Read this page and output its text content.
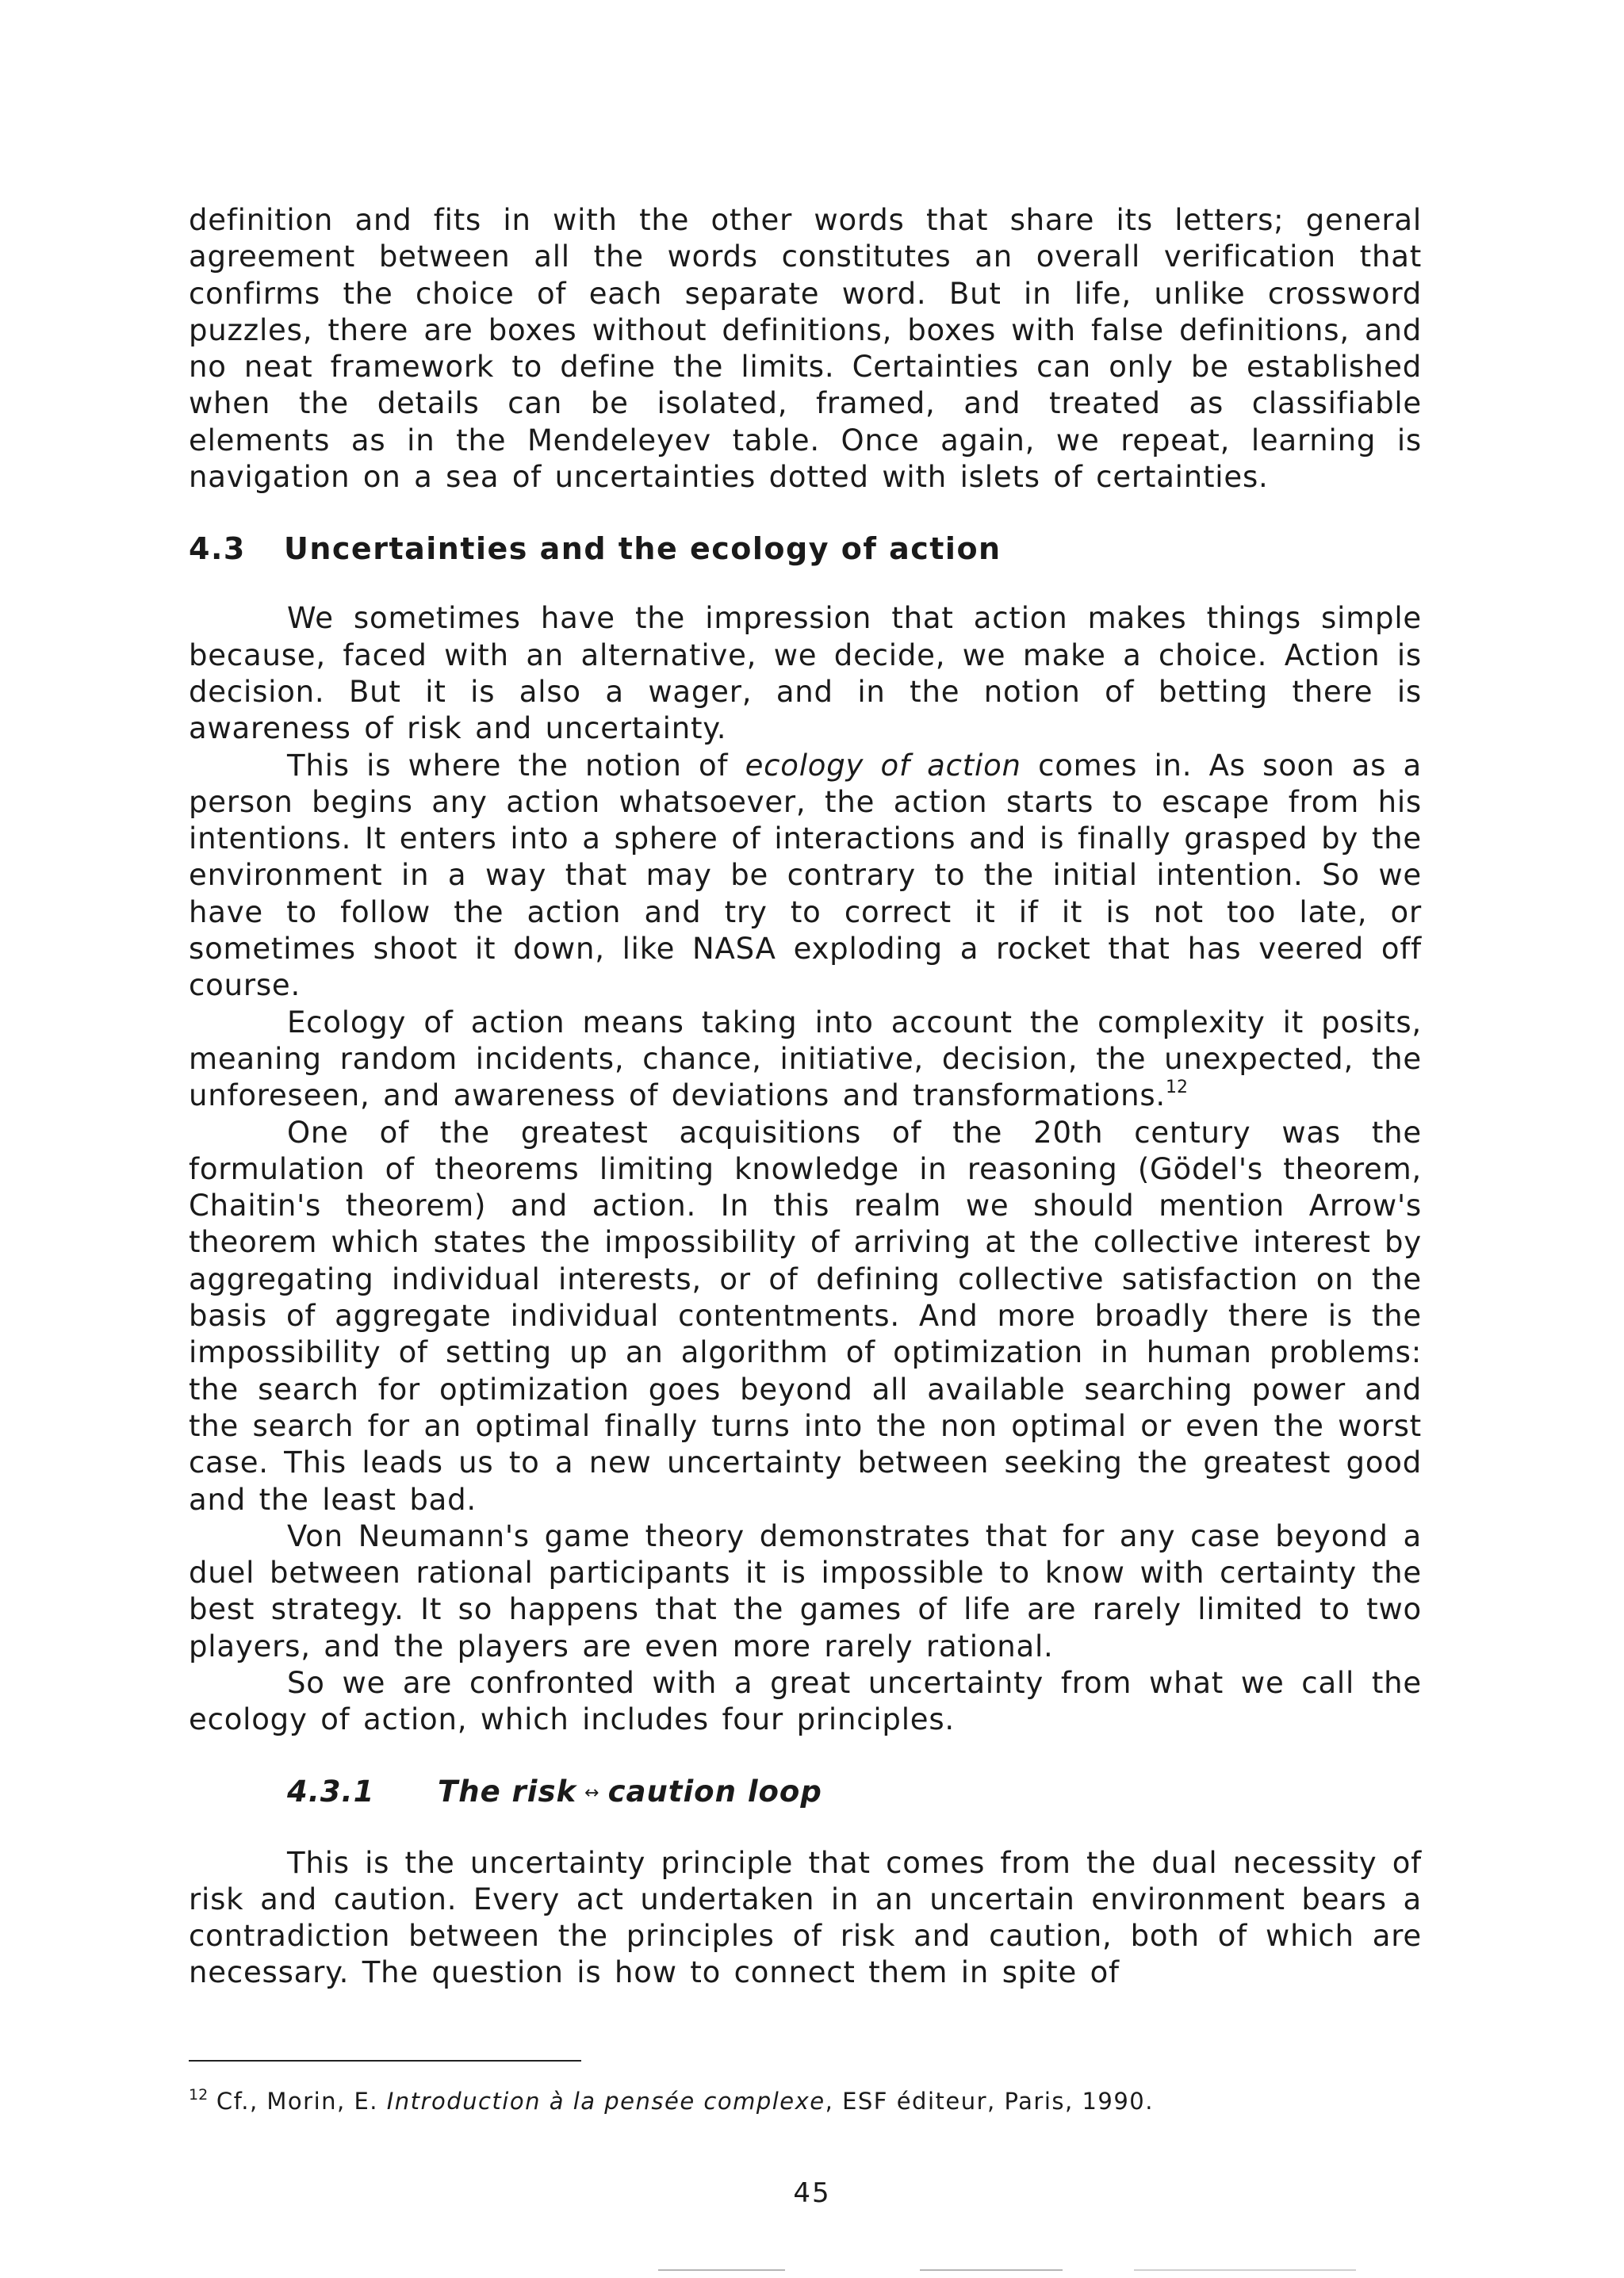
definition and fits in with the other words that share its letters; general agreement between all the words constitutes an overall verification that confirms the choice of each separate word. But in life, unlike crossword puzzles, there are boxes without definitions, boxes with false definitions, and no neat framework to define the limits. Certainties can only be established when the details can be isolated, framed, and treated as classifiable elements as in the Mendeleyev table. Once again, we repeat, learning is navigation on a sea of uncertainties dotted with islets of certainties.

4.3 Uncertainties and the ecology of action

We sometimes have the impression that action makes things simple because, faced with an alternative, we decide, we make a choice. Action is decision. But it is also a wager, and in the notion of betting there is awareness of risk and uncertainty.

This is where the notion of ecology of action comes in. As soon as a person begins any action whatsoever, the action starts to escape from his intentions. It enters into a sphere of interactions and is finally grasped by the environment in a way that may be contrary to the initial intention. So we have to follow the action and try to correct it if it is not too late, or sometimes shoot it down, like NASA exploding a rocket that has veered off course.

Ecology of action means taking into account the complexity it posits, meaning random incidents, chance, initiative, decision, the unexpected, the unforeseen, and awareness of deviations and transformations.$^{12}$

One of the greatest acquisitions of the 20th century was the formulation of theorems limiting knowledge in reasoning (Gödel's theorem, Chaitin's theorem) and action. In this realm we should mention Arrow's theorem which states the impossibility of arriving at the collective interest by aggregating individual interests, or of defining collective satisfaction on the basis of aggregate individual contentments. And more broadly there is the impossibility of setting up an algorithm of optimization in human problems: the search for optimization goes beyond all available searching power and the search for an optimal finally turns into the non optimal or even the worst case. This leads us to a new uncertainty between seeking the greatest good and the least bad.

Von Neumann's game theory demonstrates that for any case beyond a duel between rational participants it is impossible to know with certainty the best strategy. It so happens that the games of life are rarely limited to two players, and the players are even more rarely rational.

So we are confronted with a great uncertainty from what we call the ecology of action, which includes four principles.

4.3.1 The risk ↔ caution loop

This is the uncertainty principle that comes from the dual necessity of risk and caution. Every act undertaken in an uncertain environment bears a contradiction between the principles of risk and caution, both of which are necessary. The question is how to connect them in spite of

$^{12}$ Cf., Morin, E. Introduction à la pensée complexe, ESF éditeur, Paris, 1990.

45
